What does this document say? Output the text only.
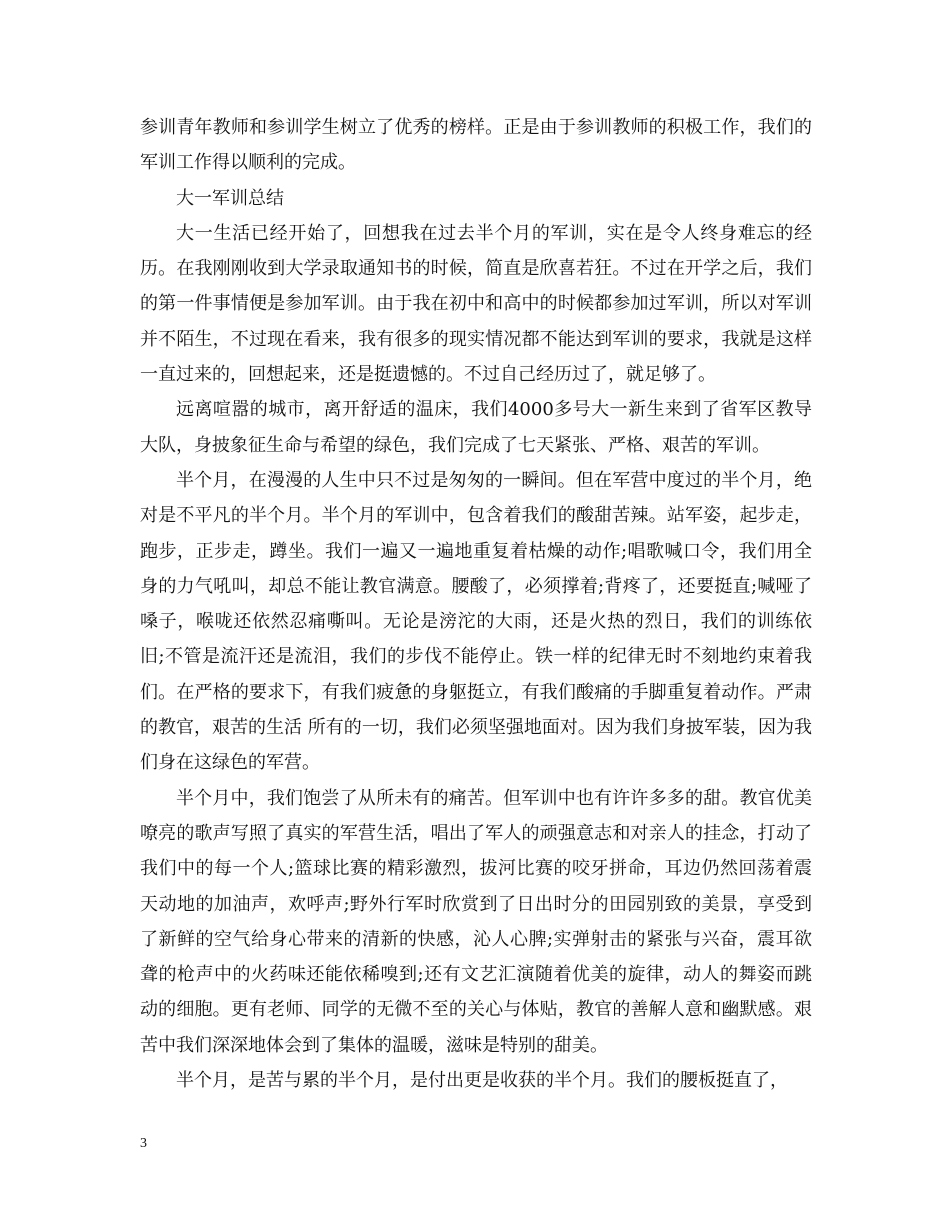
参训青年教师和参训学生树立了优秀的榜样。正是由于参训教师的积极工作，我们的军训工作得以顺利的完成。

大一军训总结

大一生活已经开始了，回想我在过去半个月的军训，实在是令人终身难忘的经历。在我刚刚收到大学录取通知书的时候，简直是欣喜若狂。不过在开学之后，我们的第一件事情便是参加军训。由于我在初中和高中的时候都参加过军训，所以对军训并不陌生，不过现在看来，我有很多的现实情况都不能达到军训的要求，我就是这样一直过来的，回想起来，还是挺遗憾的。不过自己经历过了，就足够了。

远离喧嚣的城市，离开舒适的温床，我们4000多号大一新生来到了省军区教导大队，身披象征生命与希望的绿色，我们完成了七天紧张、严格、艰苦的军训。

半个月，在漫漫的人生中只不过是匆匆的一瞬间。但在军营中度过的半个月，绝对是不平凡的半个月。半个月的军训中，包含着我们的酸甜苦辣。站军姿，起步走，跑步，正步走，蹲坐。我们一遍又一遍地重复着枯燥的动作;唱歌喊口令，我们用全身的力气吼叫，却总不能让教官满意。腰酸了，必须撑着;背疼了，还要挺直;喊哑了嗓子，喉咙还依然忍痛嘶叫。无论是滂沱的大雨，还是火热的烈日，我们的训练依旧;不管是流汗还是流泪，我们的步伐不能停止。铁一样的纪律无时不刻地约束着我们。在严格的要求下，有我们疲惫的身躯挺立，有我们酸痛的手脚重复着动作。严肃的教官，艰苦的生活 所有的一切，我们必须坚强地面对。因为我们身披军装，因为我们身在这绿色的军营。

半个月中，我们饱尝了从所未有的痛苦。但军训中也有许许多多的甜。教官优美嘹亮的歌声写照了真实的军营生活，唱出了军人的顽强意志和对亲人的挂念，打动了我们中的每一个人;篮球比赛的精彩激烈，拔河比赛的咬牙拼命，耳边仍然回荡着震天动地的加油声，欢呼声;野外行军时欣赏到了日出时分的田园别致的美景，享受到了新鲜的空气给身心带来的清新的快感，沁人心脾;实弹射击的紧张与兴奋，震耳欲聋的枪声中的火药味还能依稀嗅到;还有文艺汇演随着优美的旋律，动人的舞姿而跳动的细胞。更有老师、同学的无微不至的关心与体贴，教官的善解人意和幽默感。艰苦中我们深深地体会到了集体的温暖，滋味是特别的甜美。

半个月，是苦与累的半个月，是付出更是收获的半个月。我们的腰板挺直了，

3
